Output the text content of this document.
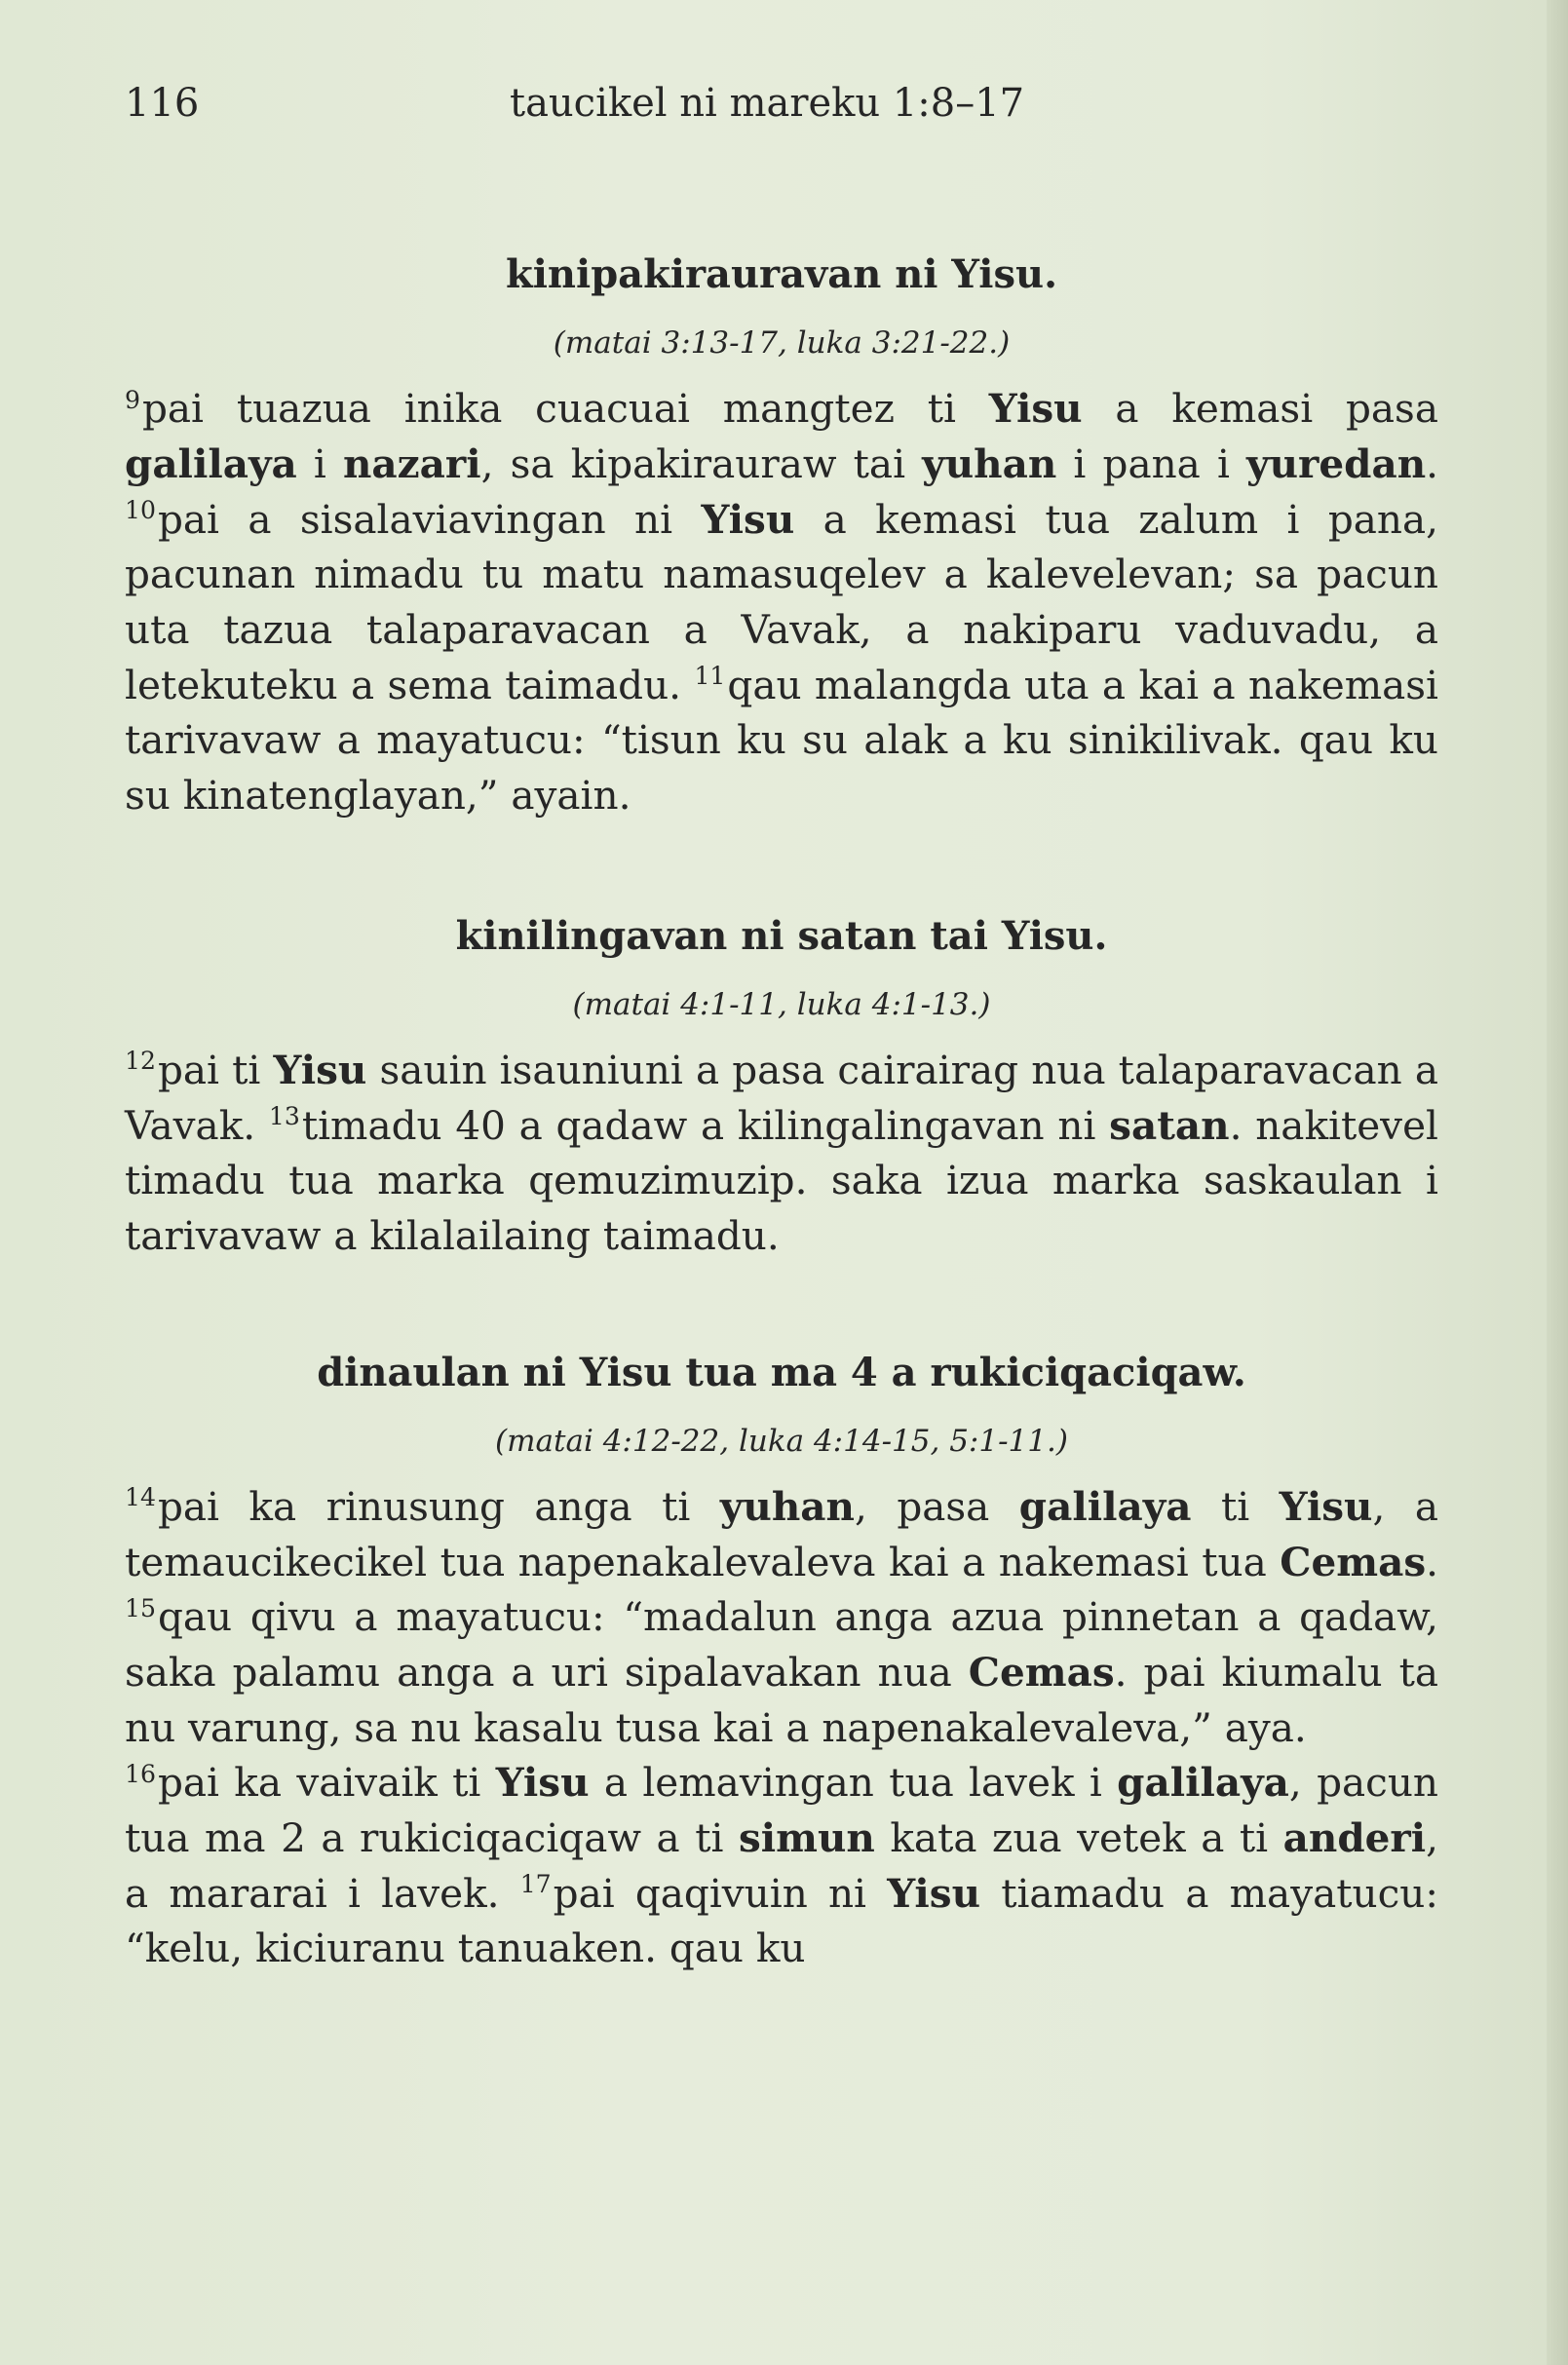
116	taucikel ni mareku 1:8–17
kinipakirauravan ni Yisu.
(matai 3:13-17, luka 3:21-22.)

$^9$pai tuazua inika cuacuai mangtez ti Yisu a kemasi pasa galilaya i nazari, sa kipakirauraw tai yuhan i pana i yuredan. $^{10}$pai a sisalaviavingan ni Yisu a kemasi tua zalum i pana, pacunan nimadu tu matu namasuqelev a kalevelevan; sa pacun uta tazua talaparavacan a Vavak, a nakiparu vaduvadu, a letekuteku a sema taimadu. $^{11}$qau malangda uta a kai a nakemasi tarivavaw a mayatucu: “tisun ku su alak a ku sinikilivak. qau ku su kinatenglayan,” ayain.

kinilingavan ni satan tai Yisu.
(matai 4:1-11, luka 4:1-13.)

$^{12}$pai ti Yisu sauin isauniuni a pasa cairairag nua talaparavacan a Vavak. $^{13}$timadu 40 a qadaw a kilingalingavan ni satan. nakitevel timadu tua marka qemuzimuzip. saka izua marka saskaulan i tarivavaw a kilalailaing taimadu.

dinaulan ni Yisu tua ma 4 a rukiciqaciqaw.
(matai 4:12-22, luka 4:14-15, 5:1-11.)

$^{14}$pai ka rinusung anga ti yuhan, pasa galilaya ti Yisu, a temaucikecikel tua napenakalevaleva kai a nakemasi tua Cemas. $^{15}$qau qivu a mayatucu: “madalun anga azua pinnetan a qadaw, saka palamu anga a uri sipalavakan nua Cemas. pai kiumalu ta nu varung, sa nu kasalu tusa kai a napenakalevaleva,” aya.

$^{16}$pai ka vaivaik ti Yisu a lemavingan tua lavek i galilaya, pacun tua ma 2 a rukiciqaciqaw a ti simun kata zua vetek a ti anderi, a mararai i lavek. $^{17}$pai qaqivuin ni Yisu tiamadu a mayatucu: “kelu, kiciuranu tanuaken. qau ku
